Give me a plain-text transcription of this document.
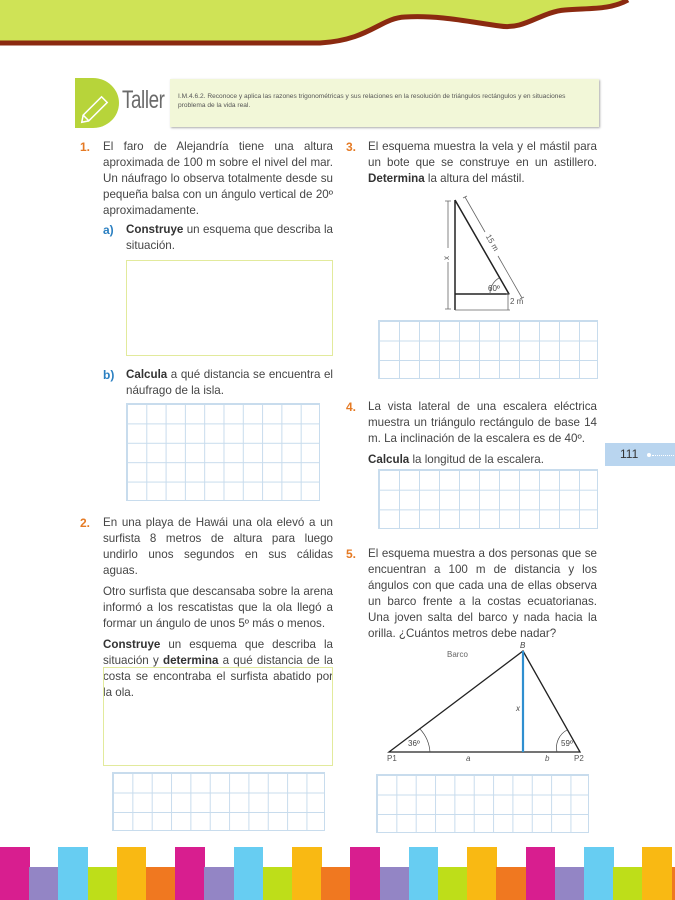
Taller	I.M.4.6.2. Reconoce y aplica las razones trigonométricas y sus relaciones en la resolución de triángulos rectángulos y en situaciones problema de la vida real.
1. El faro de Alejandría tiene una altura aproximada de 100 m sobre el nivel del mar. Un náufrago lo observa totalmente desde su pequeña balsa con un ángulo vertical de 20º aproximadamente.
a) Construye un esquema que describa la situación.
b) Calcula a qué distancia se encuentra el náufrago de la isla.
2. En una playa de Hawái una ola elevó a un surfista 8 metros de altura para luego undirlo unos segundos en sus cálidas aguas.

Otro surfista que descansaba sobre la arena informó a los rescatistas que la ola llegó a formar un ángulo de unos 5º más o menos.

Construye un esquema que describa la situación y determina a qué distancia de la costa se encontraba el surfista abatido por la ola.

3. El esquema muestra la vela y el mástil para un bote que se construye en un astillero. Determina la altura del mástil.
x
15 m
60º
2 m
Barco
B
x
36º	59º
P1	P2
a	b
4. La vista lateral de una escalera eléctrica muestra un triángulo rectángulo de base 14 m. La inclinación de la escalera es de 40º.

Calcula la longitud de la escalera.

5. El esquema muestra a dos personas que se encuentran a 100 m de distancia y los ángulos con que cada una de ellas observa un barco frente a la costas ecuatorianas. Una joven salta del barco y nada hacia la orilla. ¿Cuántos metros debe nadar?
111
